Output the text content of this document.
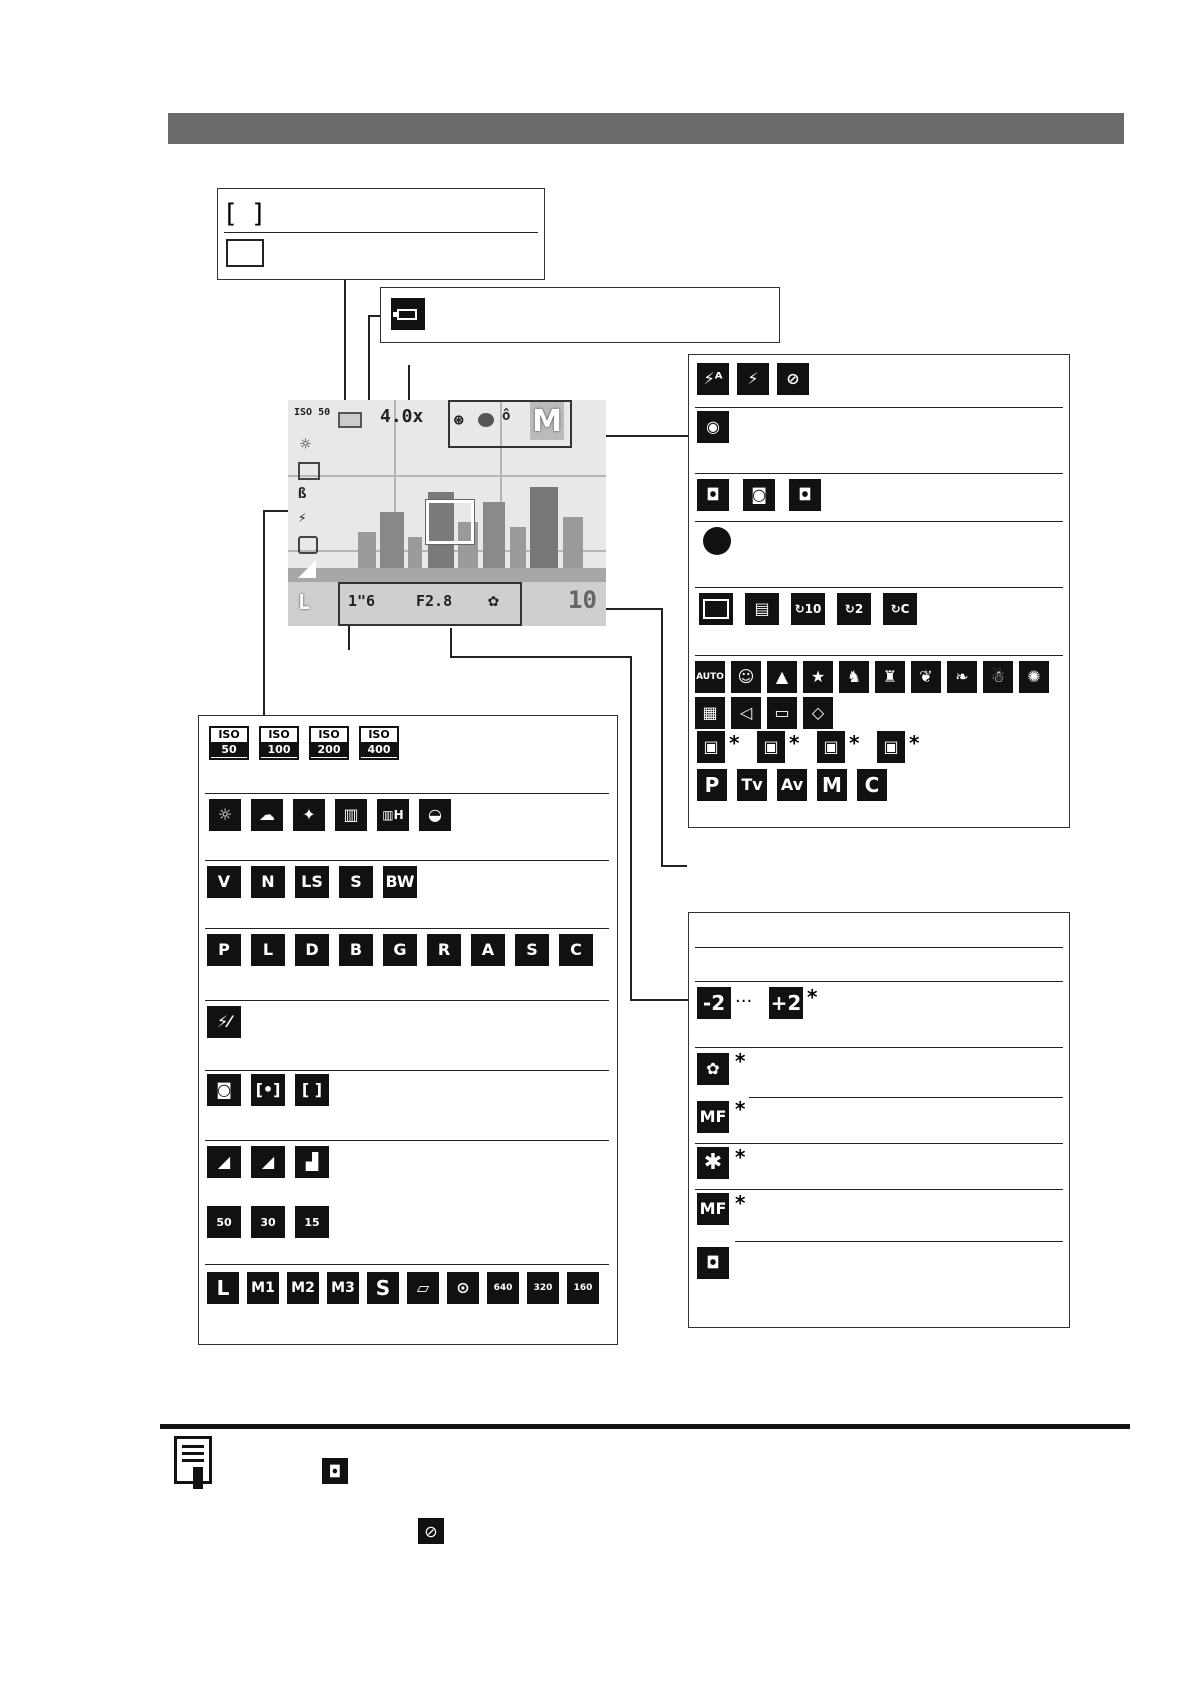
[  ]
ISO 50
☼
ß
⚡
L
4.0x ⊛	ô M
1"6	F2.8 ✿	10
⚡ᴬ	⚡	⊘
◉
◘	◙	◘
▤	↻10	↻2	↻C
AUTO ☺	▲	★	♞	♜	❦	❧	☃	✺
▦	◁	▭	◇
▣ *	▣ *	▣ *	▣ *
P	Tv Av M	C
ISO
50
ISO
100
ISO
200
ISO
400
☼	☁	✦	▥	▥H	◒
V	N	LS	S	BW
P	L	D	B	G	R	A	S	C
⚡⁄
◙	[•]	[ ]
◢	◢	▟
50	30	15
L	M1 M2 M3	S	▱	⊙	640	320	160
-2 ··· +2 *
✿ *
MF *
✱ *
MF *
◘
◘
⊘
